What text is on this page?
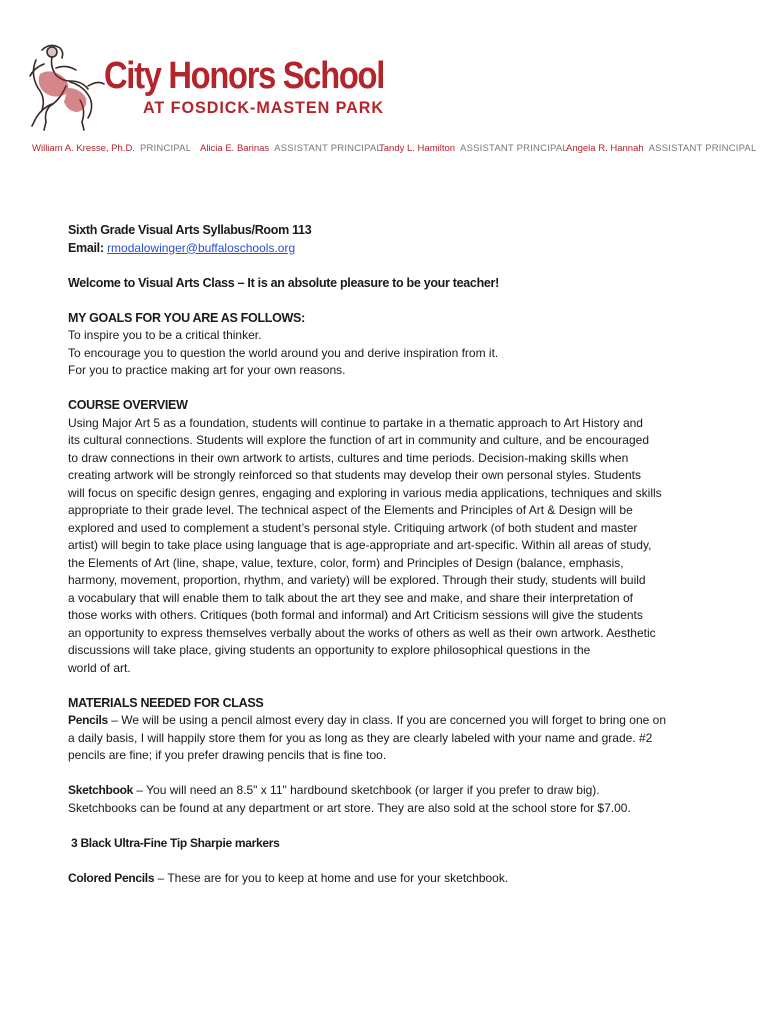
City Honors School
AT FOSDICK-MASTEN PARK
William A. Kresse, Ph.D. PRINCIPAL Alicia E. Barinas ASSISTANT PRINCIPAL
Tandy L. Hamilton ASSISTANT PRINCIPAL
Angela R. Hannah ASSISTANT PRINCIPAL

Sixth Grade Visual Arts Syllabus/Room 113

Email: rmodalowinger@buffaloschools.org

Welcome to Visual Arts Class – It is an absolute pleasure to be your teacher!

MY GOALS FOR YOU ARE AS FOLLOWS:

To inspire you to be a critical thinker.

To encourage you to question the world around you and derive inspiration from it.

For you to practice making art for your own reasons.

COURSE OVERVIEW

Using Major Art 5 as a foundation, students will continue to partake in a thematic approach to Art History and

its cultural connections. Students will explore the function of art in community and culture, and be encouraged

to draw connections in their own artwork to artists, cultures and time periods. Decision-making skills when

creating artwork will be strongly reinforced so that students may develop their own personal styles. Students

will focus on specific design genres, engaging and exploring in various media applications, techniques and skills

appropriate to their grade level. The technical aspect of the Elements and Principles of Art & Design will be

explored and used to complement a student’s personal style. Critiquing artwork (of both student and master

artist) will begin to take place using language that is age-appropriate and art-specific. Within all areas of study,

the Elements of Art (line, shape, value, texture, color, form) and Principles of Design (balance, emphasis,

harmony, movement, proportion, rhythm, and variety) will be explored. Through their study, students will build

a vocabulary that will enable them to talk about the art they see and make, and share their interpretation of

those works with others. Critiques (both formal and informal) and Art Criticism sessions will give the students

an opportunity to express themselves verbally about the works of others as well as their own artwork. Aesthetic

discussions will take place, giving students an opportunity to explore philosophical questions in the

world of art.

MATERIALS NEEDED FOR CLASS

Pencils – We will be using a pencil almost every day in class. If you are concerned you will forget to bring one on

a daily basis, I will happily store them for you as long as they are clearly labeled with your name and grade. #2

pencils are fine; if you prefer drawing pencils that is fine too.

Sketchbook – You will need an 8.5" x 11" hardbound sketchbook (or larger if you prefer to draw big).

Sketchbooks can be found at any department or art store. They are also sold at the school store for $7.00.

3 Black Ultra-Fine Tip Sharpie markers

Colored Pencils – These are for you to keep at home and use for your sketchbook.
